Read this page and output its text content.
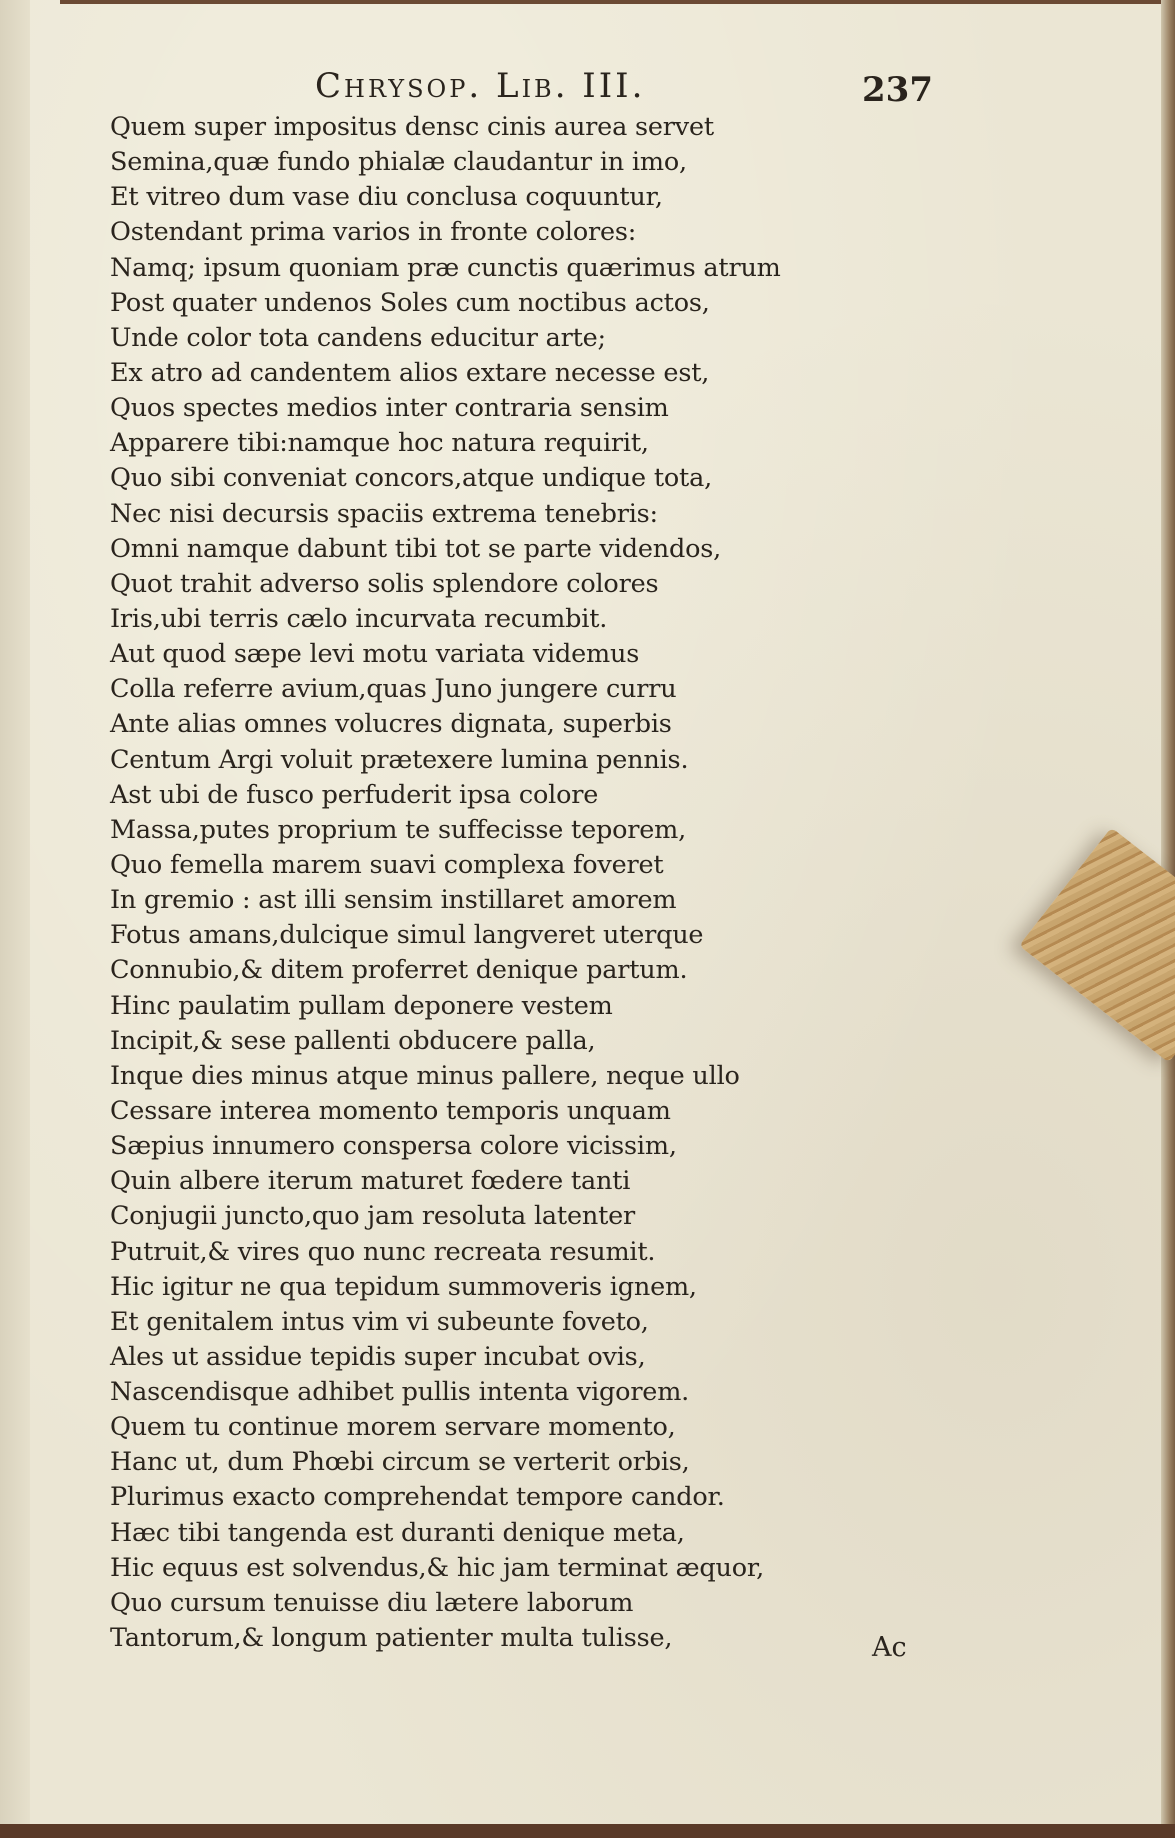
Chrysop. Lib. III.	237
Quem super impositus densc cinis aurea servet
Semina,quæ fundo phialæ claudantur in imo,
Et vitreo dum vase diu conclusa coquuntur,
Ostendant prima varios in fronte colores:
Namq; ipsum quoniam præ cunctis quærimus atrum
Post quater undenos Soles cum noctibus actos,
Unde color tota candens educitur arte;
Ex atro ad candentem alios extare necesse est,
Quos spectes medios inter contraria sensim
Apparere tibi:namque hoc natura requirit,
Quo sibi conveniat concors,atque undique tota,
Nec nisi decursis spaciis extrema tenebris:
Omni namque dabunt tibi tot se parte videndos,
Quot trahit adverso solis splendore colores
Iris,ubi terris cælo incurvata recumbit.
Aut quod sæpe levi motu variata videmus
Colla referre avium,quas Juno jungere curru
Ante alias omnes volucres dignata, superbis
Centum Argi voluit prætexere lumina pennis.
Ast ubi de fusco perfuderit ipsa colore
Massa,putes proprium te suffecisse teporem,
Quo femella marem suavi complexa foveret
In gremio : ast illi sensim instillaret amorem
Fotus amans,dulcique simul langveret uterque
Connubio,& ditem proferret denique partum.
Hinc paulatim pullam deponere vestem
Incipit,& sese pallenti obducere palla,
Inque dies minus atque minus pallere, neque ullo
Cessare interea momento temporis unquam
Sæpius innumero conspersa colore vicissim,
Quin albere iterum maturet fœdere tanti
Conjugii juncto,quo jam resoluta latenter
Putruit,& vires quo nunc recreata resumit.
Hic igitur ne qua tepidum summoveris ignem,
Et genitalem intus vim vi subeunte foveto,
Ales ut assidue tepidis super incubat ovis,
Nascendisque adhibet pullis intenta vigorem.
Quem tu continue morem servare momento,
Hanc ut, dum Phœbi circum se verterit orbis,
Plurimus exacto comprehendat tempore candor.
Hæc tibi tangenda est duranti denique meta,
Hic equus est solvendus,& hic jam terminat æquor,
Quo cursum tenuisse diu lætere laborum
Tantorum,& longum patienter multa tulisse,	Ac
